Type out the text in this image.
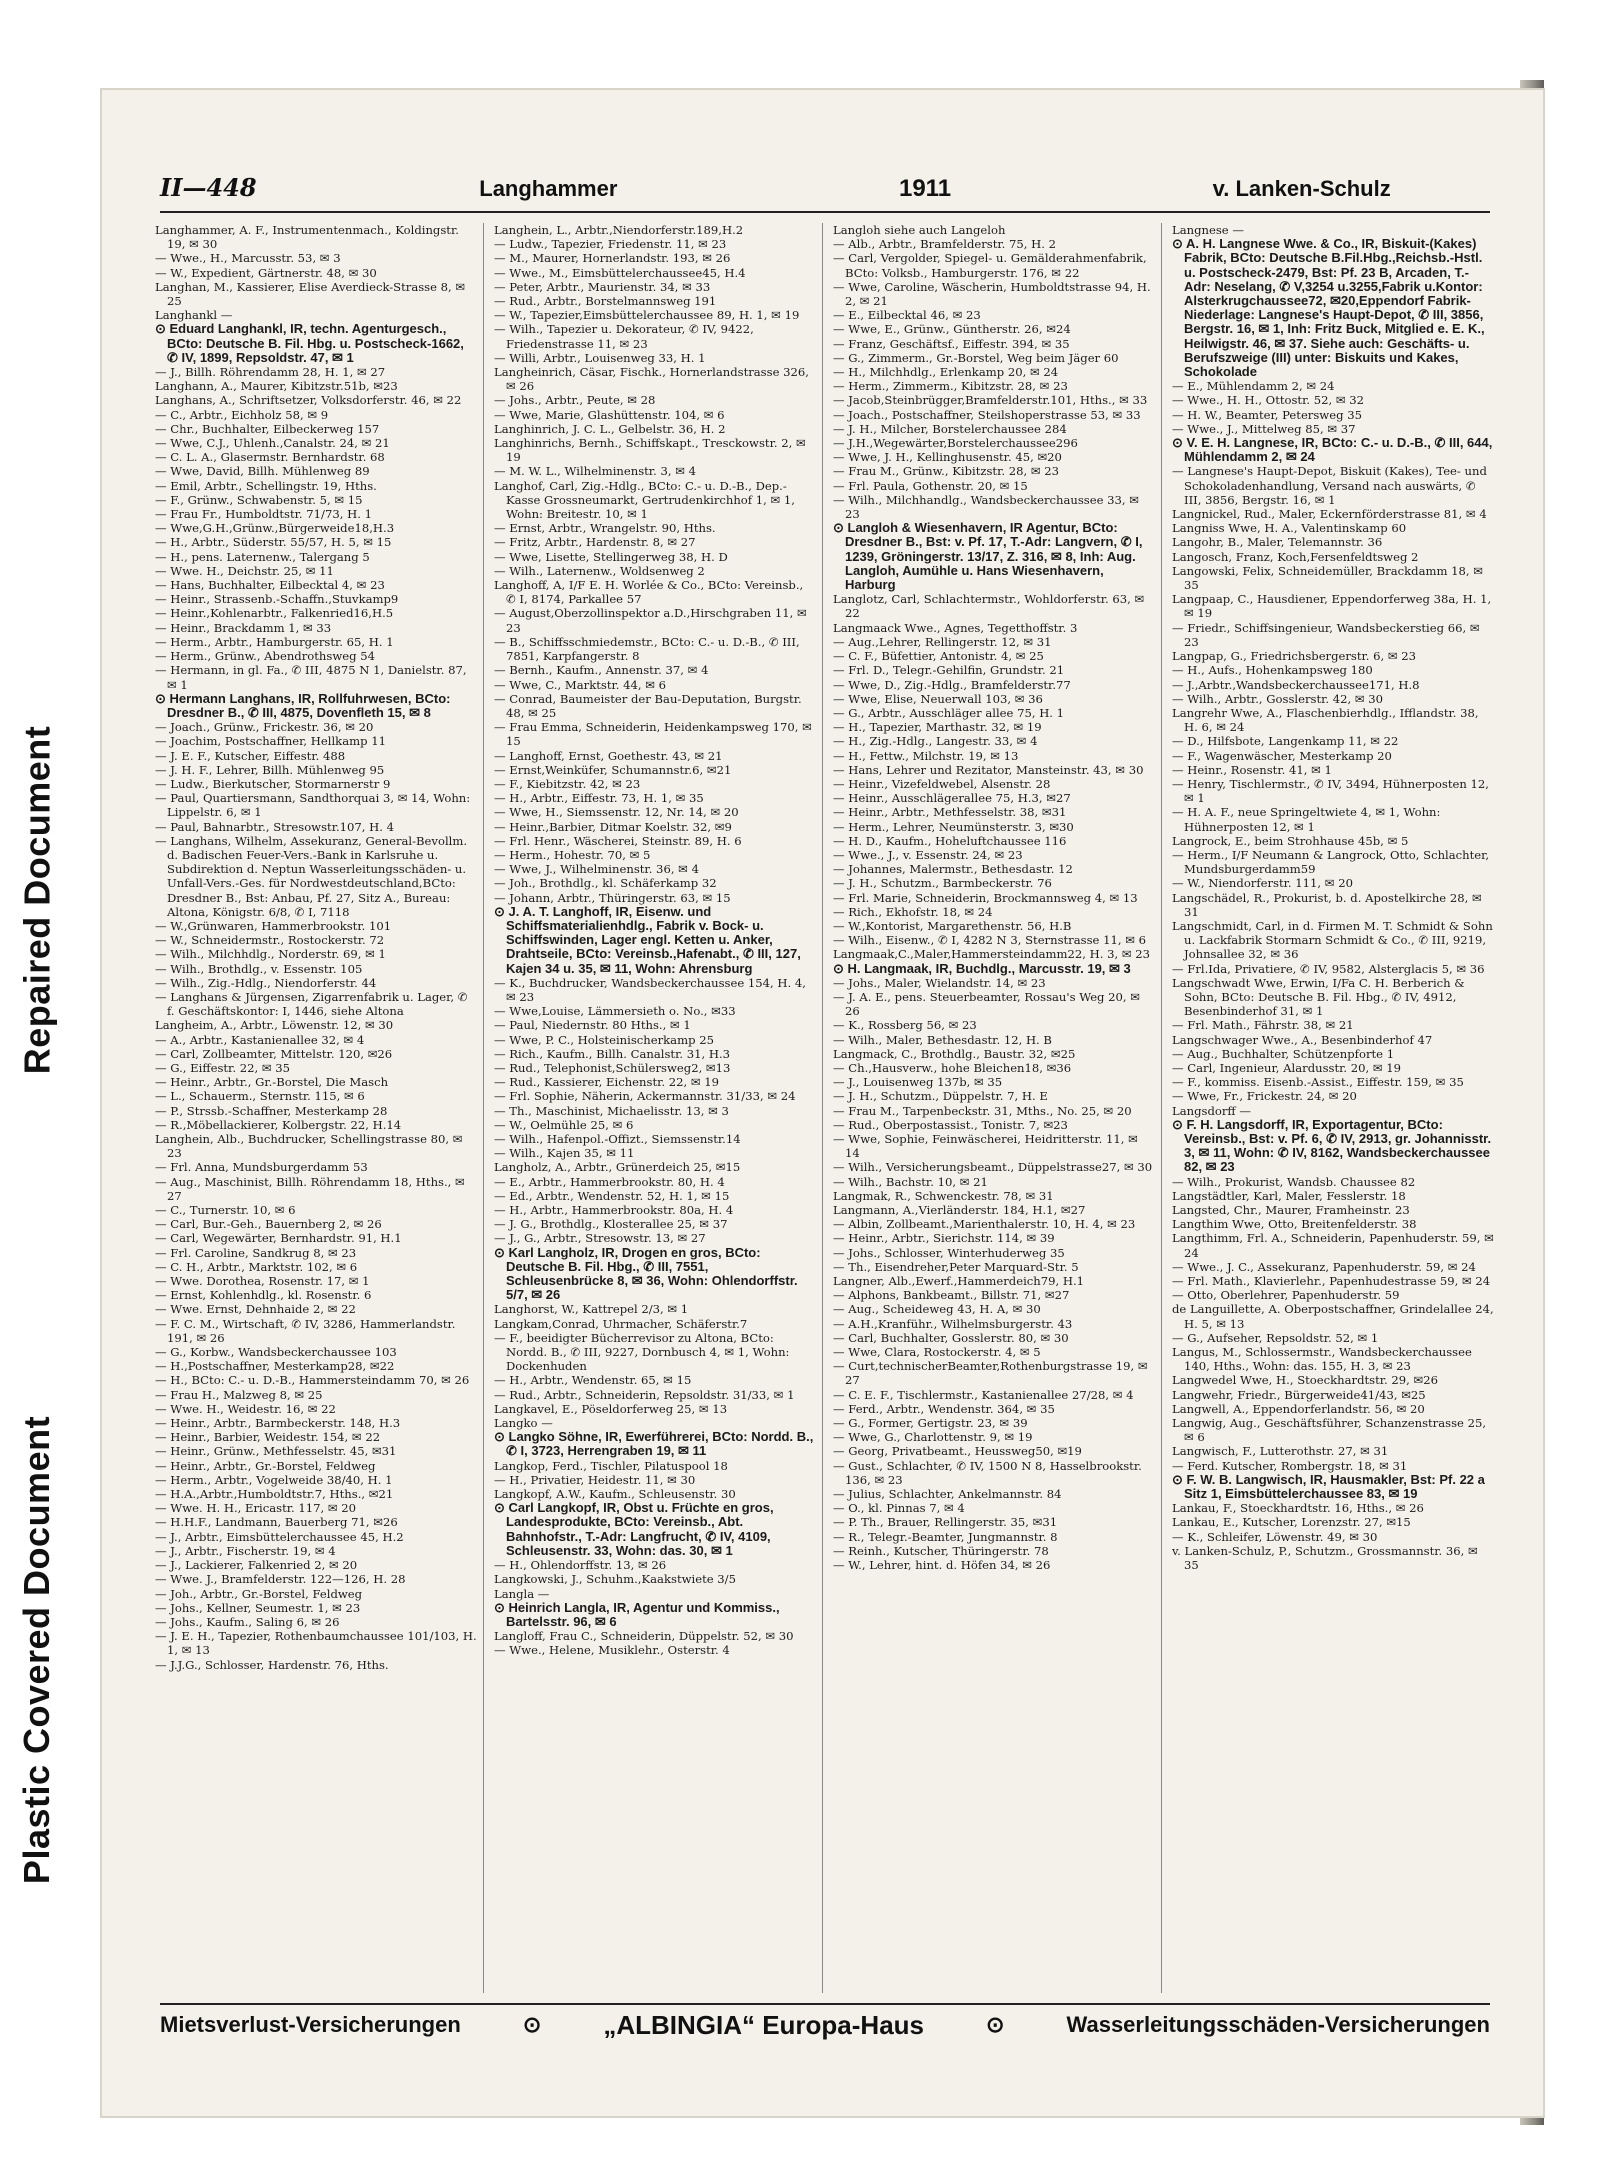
Repaired Document
Plastic Covered Document
II—448	Langhammer	1911	v. Lanken-Schulz

Langhammer, A. F., Instrumentenmach., Koldingstr. 19, ✉ 30

— Wwe., H., Marcusstr. 53, ✉ 3

— W., Expedient, Gärtnerstr. 48, ✉ 30

Langhan, M., Kassierer, Elise Averdieck-Strasse 8, ✉ 25

Langhankl —

⊙ Eduard Langhankl, IR, techn. Agenturgesch., BCto: Deutsche B. Fil. Hbg. u. Postscheck-1662, ✆ IV, 1899, Repsoldstr. 47, ✉ 1

— J., Billh. Röhrendamm 28, H. 1, ✉ 27

Langhann, A., Maurer, Kibitzstr.51b, ✉23

Langhans, A., Schriftsetzer, Volksdorferstr. 46, ✉ 22

— C., Arbtr., Eichholz 58, ✉ 9

— Chr., Buchhalter, Eilbeckerweg 157

— Wwe, C.J., Uhlenh.,Canalstr. 24, ✉ 21

— C. L. A., Glasermstr. Bernhardstr. 68

— Wwe, David, Billh. Mühlenweg 89

— Emil, Arbtr., Schellingstr. 19, Hths.

— F., Grünw., Schwabenstr. 5, ✉ 15

— Frau Fr., Humboldtstr. 71/73, H. 1

— Wwe,G.H.,Grünw.,Bürgerweide18,H.3

— H., Arbtr., Süderstr. 55/57, H. 5, ✉ 15

— H., pens. Laternenw., Talergang 5

— Wwe. H., Deichstr. 25, ✉ 11

— Hans, Buchhalter, Eilbecktal 4, ✉ 23

— Heinr., Strassenb.-Schaffn.,Stuvkamp9

— Heinr.,Kohlenarbtr., Falkenried16,H.5

— Heinr., Brackdamm 1, ✉ 33

— Herm., Arbtr., Hamburgerstr. 65, H. 1

— Herm., Grünw., Abendrothsweg 54

— Hermann, in gl. Fa., ✆ III, 4875 N 1, Danielstr. 87, ✉ 1

⊙ Hermann Langhans, IR, Rollfuhrwesen, BCto: Dresdner B., ✆ III, 4875, Dovenfleth 15, ✉ 8

— Joach., Grünw., Frickestr. 36, ✉ 20

— Joachim, Postschaffner, Hellkamp 11

— J. E. F., Kutscher, Eiffestr. 488

— J. H. F., Lehrer, Billh. Mühlenweg 95

— Ludw., Bierkutscher, Stormarnerstr 9

— Paul, Quartiersmann, Sandthorquai 3, ✉ 14, Wohn: Lippelstr. 6, ✉ 1

— Paul, Bahnarbtr., Stresowstr.107, H. 4

— Langhans, Wilhelm, Assekuranz, General-Bevollm. d. Badischen Feuer-Vers.-Bank in Karlsruhe u. Subdirektion d. Neptun Wasserleitungsschäden- u. Unfall-Vers.-Ges. für Nordwestdeutschland,BCto: Dresdner B., Bst: Anbau, Pf. 27, Sitz A., Bureau: Altona, Königstr. 6/8, ✆ I, 7118

— W.,Grünwaren, Hammerbrookstr. 101

— W., Schneidermstr., Rostockerstr. 72

— Wilh., Milchhdlg., Norderstr. 69, ✉ 1

— Wilh., Brothdlg., v. Essenstr. 105

— Wilh., Zig.-Hdlg., Niendorferstr. 44

— Langhans & Jürgensen, Zigarrenfabrik u. Lager, ✆ f. Geschäftskontor: I, 1446, siehe Altona

Langheim, A., Arbtr., Löwenstr. 12, ✉ 30

— A., Arbtr., Kastanienallee 32, ✉ 4

— Carl, Zollbeamter, Mittelstr. 120, ✉26

— G., Eiffestr. 22, ✉ 35

— Heinr., Arbtr., Gr.-Borstel, Die Masch

— L., Schauerm., Sternstr. 115, ✉ 6

— P., Strssb.-Schaffner, Mesterkamp 28

— R.,Möbellackierer, Kolbergstr. 22, H.14

Langhein, Alb., Buchdrucker, Schellingstrasse 80, ✉ 23

— Frl. Anna, Mundsburgerdamm 53

— Aug., Maschinist, Billh. Röhrendamm 18, Hths., ✉ 27

— C., Turnerstr. 10, ✉ 6

— Carl, Bur.-Geh., Bauernberg 2, ✉ 26

— Carl, Wegewärter, Bernhardstr. 91, H.1

— Frl. Caroline, Sandkrug 8, ✉ 23

— C. H., Arbtr., Marktstr. 102, ✉ 6

— Wwe. Dorothea, Rosenstr. 17, ✉ 1

— Ernst, Kohlenhdlg., kl. Rosenstr. 6

— Wwe. Ernst, Dehnhaide 2, ✉ 22

— F. C. M., Wirtschaft, ✆ IV, 3286, Hammerlandstr. 191, ✉ 26

— G., Korbw., Wandsbeckerchaussee 103

— H.,Postschaffner, Mesterkamp28, ✉22

— H., BCto: C.- u. D.-B., Hammersteindamm 70, ✉ 26

— Frau H., Malzweg 8, ✉ 25

— Wwe. H., Weidestr. 16, ✉ 22

— Heinr., Arbtr., Barmbeckerstr. 148, H.3

— Heinr., Barbier, Weidestr. 154, ✉ 22

— Heinr., Grünw., Methfesselstr. 45, ✉31

— Heinr., Arbtr., Gr.-Borstel, Feldweg

— Herm., Arbtr., Vogelweide 38/40, H. 1

— H.A.,Arbtr.,Humboldtstr.7, Hths., ✉21

— Wwe. H. H., Ericastr. 117, ✉ 20

— H.H.F., Landmann, Bauerberg 71, ✉26

— J., Arbtr., Eimsbüttelerchaussee 45, H.2

— J., Arbtr., Fischerstr. 19, ✉ 4

— J., Lackierer, Falkenried 2, ✉ 20

— Wwe. J., Bramfelderstr. 122—126, H. 28

— Joh., Arbtr., Gr.-Borstel, Feldweg

— Johs., Kellner, Seumestr. 1, ✉ 23

— Johs., Kaufm., Saling 6, ✉ 26

— J. E. H., Tapezier, Rothenbaumchaussee 101/103, H. 1, ✉ 13

— J.J.G., Schlosser, Hardenstr. 76, Hths.

Langhein, L., Arbtr.,Niendorferstr.189,H.2

— Ludw., Tapezier, Friedenstr. 11, ✉ 23

— M., Maurer, Hornerlandstr. 193, ✉ 26

— Wwe., M., Eimsbüttelerchaussee45, H.4

— Peter, Arbtr., Maurienstr. 34, ✉ 33

— Rud., Arbtr., Borstelmannsweg 191

— W., Tapezier,Eimsbüttelerchaussee 89, H. 1, ✉ 19

— Wilh., Tapezier u. Dekorateur, ✆ IV, 9422, Friedenstrasse 11, ✉ 23

— Willi, Arbtr., Louisenweg 33, H. 1

Langheinrich, Cäsar, Fischk., Hornerlandstrasse 326, ✉ 26

— Johs., Arbtr., Peute, ✉ 28

— Wwe, Marie, Glashüttenstr. 104, ✉ 6

Langhinrich, J. C. L., Gelbelstr. 36, H. 2

Langhinrichs, Bernh., Schiffskapt., Tresckowstr. 2, ✉ 19

— M. W. L., Wilhelminenstr. 3, ✉ 4

Langhof, Carl, Zig.-Hdlg., BCto: C.- u. D.-B., Dep.-Kasse Grossneumarkt, Gertrudenkirchhof 1, ✉ 1, Wohn: Breitestr. 10, ✉ 1

— Ernst, Arbtr., Wrangelstr. 90, Hths.

— Fritz, Arbtr., Hardenstr. 8, ✉ 27

— Wwe, Lisette, Stellingerweg 38, H. D

— Wilh., Laternenw., Woldsenweg 2

Langhoff, A, I/F E. H. Worlée & Co., BCto: Vereinsb., ✆ I, 8174, Parkallee 57

— August,Oberzollinspektor a.D.,Hirschgraben 11, ✉ 23

— B., Schiffsschmiedemstr., BCto: C.- u. D.-B., ✆ III, 7851, Karpfangerstr. 8

— Bernh., Kaufm., Annenstr. 37, ✉ 4

— Wwe, C., Marktstr. 44, ✉ 6

— Conrad, Baumeister der Bau-Deputation, Burgstr. 48, ✉ 25

— Frau Emma, Schneiderin, Heidenkampsweg 170, ✉ 15

— Langhoff, Ernst, Goethestr. 43, ✉ 21

— Ernst,Weinküfer, Schumannstr.6, ✉21

— F., Kiebitzstr. 42, ✉ 23

— H., Arbtr., Eiffestr. 73, H. 1, ✉ 35

— Wwe, H., Siemssenstr. 12, Nr. 14, ✉ 20

— Heinr.,Barbier, Ditmar Koelstr. 32, ✉9

— Frl. Henr., Wäscherei, Steinstr. 89, H. 6

— Herm., Hohestr. 70, ✉ 5

— Wwe, J., Wilhelminenstr. 36, ✉ 4

— Joh., Brothdlg., kl. Schäferkamp 32

— Johann, Arbtr., Thüringerstr. 63, ✉ 15

⊙ J. A. T. Langhoff, IR, Eisenw. und Schiffsmaterialienhdlg., Fabrik v. Bock- u. Schiffswinden, Lager engl. Ketten u. Anker, Drahtseile, BCto: Vereinsb.,Hafenabt., ✆ III, 127, Kajen 34 u. 35, ✉ 11, Wohn: Ahrensburg

— K., Buchdrucker, Wandsbeckerchaussee 154, H. 4, ✉ 23

— Wwe,Louise, Lämmersieth o. No., ✉33

— Paul, Niedernstr. 80 Hths., ✉ 1

— Wwe, P. C., Holsteinischerkamp 25

— Rich., Kaufm., Billh. Canalstr. 31, H.3

— Rud., Telephonist,Schülersweg2, ✉13

— Rud., Kassierer, Eichenstr. 22, ✉ 19

— Frl. Sophie, Näherin, Ackermannstr. 31/33, ✉ 24

— Th., Maschinist, Michaelisstr. 13, ✉ 3

— W., Oelmühle 25, ✉ 6

— Wilh., Hafenpol.-Offizt., Siemssenstr.14

— Wilh., Kajen 35, ✉ 11

Langholz, A., Arbtr., Grünerdeich 25, ✉15

— E., Arbtr., Hammerbrookstr. 80, H. 4

— Ed., Arbtr., Wendenstr. 52, H. 1, ✉ 15

— H., Arbtr., Hammerbrookstr. 80a, H. 4

— J. G., Brothdlg., Klosterallee 25, ✉ 37

— J., G., Arbtr., Stresowstr. 13, ✉ 27

⊙ Karl Langholz, IR, Drogen en gros, BCto: Deutsche B. Fil. Hbg., ✆ III, 7551, Schleusenbrücke 8, ✉ 36, Wohn: Ohlendorffstr. 5/7, ✉ 26

Langhorst, W., Kattrepel 2/3, ✉ 1

Langkam,Conrad, Uhrmacher, Schäferstr.7

— F., beeidigter Bücherrevisor zu Altona, BCto: Nordd. B., ✆ III, 9227, Dornbusch 4, ✉ 1, Wohn: Dockenhuden

— H., Arbtr., Wendenstr. 65, ✉ 15

— Rud., Arbtr., Schneiderin, Repsoldstr. 31/33, ✉ 1

Langkavel, E., Pöseldorferweg 25, ✉ 13

Langko —

⊙ Langko Söhne, IR, Ewerführerei, BCto: Nordd. B., ✆ I, 3723, Herrengraben 19, ✉ 11

Langkop, Ferd., Tischler, Pilatuspool 18

— H., Privatier, Heidestr. 11, ✉ 30

Langkopf, A.W., Kaufm., Schleusenstr. 30

⊙ Carl Langkopf, IR, Obst u. Früchte en gros, Landesprodukte, BCto: Vereinsb., Abt. Bahnhofstr., T.-Adr: Langfrucht, ✆ IV, 4109, Schleusenstr. 33, Wohn: das. 30, ✉ 1

— H., Ohlendorffstr. 13, ✉ 26

Langkowski, J., Schuhm.,Kaakstwiete 3/5

Langla —

⊙ Heinrich Langla, IR, Agentur und Kommiss., Bartelsstr. 96, ✉ 6

Langloff, Frau C., Schneiderin, Düppelstr. 52, ✉ 30

— Wwe., Helene, Musiklehr., Osterstr. 4

Langloh siehe auch Langeloh

— Alb., Arbtr., Bramfelderstr. 75, H. 2

— Carl, Vergolder, Spiegel- u. Gemälderahmenfabrik, BCto: Volksb., Hamburgerstr. 176, ✉ 22

— Wwe, Caroline, Wäscherin, Humboldtstrasse 94, H. 2, ✉ 21

— E., Eilbecktal 46, ✉ 23

— Wwe, E., Grünw., Güntherstr. 26, ✉24

— Franz, Geschäftsf., Eiffestr. 394, ✉ 35

— G., Zimmerm., Gr.-Borstel, Weg beim Jäger 60

— H., Milchhdlg., Erlenkamp 20, ✉ 24

— Herm., Zimmerm., Kibitzstr. 28, ✉ 23

— Jacob,Steinbrügger,Bramfelderstr.101, Hths., ✉ 33

— Joach., Postschaffner, Steilshoperstrasse 53, ✉ 33

— J. H., Milcher, Borstelerchaussee 284

— J.H.,Wegewärter,Borstelerchaussee296

— Wwe, J. H., Kellinghusenstr. 45, ✉20

— Frau M., Grünw., Kibitzstr. 28, ✉ 23

— Frl. Paula, Gothenstr. 20, ✉ 15

— Wilh., Milchhandlg., Wandsbeckerchaussee 33, ✉ 23

⊙ Langloh & Wiesenhavern, IR Agentur, BCto: Dresdner B., Bst: v. Pf. 17, T.-Adr: Langvern, ✆ I, 1239, Gröningerstr. 13/17, Z. 316, ✉ 8, Inh: Aug. Langloh, Aumühle u. Hans Wiesenhavern, Harburg

Langlotz, Carl, Schlachtermstr., Wohldorferstr. 63, ✉ 22

Langmaack Wwe., Agnes, Tegetthoffstr. 3

— Aug.,Lehrer, Rellingerstr. 12, ✉ 31

— C. F., Büfettier, Antonistr. 4, ✉ 25

— Frl. D., Telegr.-Gehilfin, Grundstr. 21

— Wwe, D., Zig.-Hdlg., Bramfelderstr.77

— Wwe, Elise, Neuerwall 103, ✉ 36

— G., Arbtr., Ausschläger allee 75, H. 1

— H., Tapezier, Marthastr. 32, ✉ 19

— H., Zig.-Hdlg., Langestr. 33, ✉ 4

— H., Fettw., Milchstr. 19, ✉ 13

— Hans, Lehrer und Rezitator, Mansteinstr. 43, ✉ 30

— Heinr., Vizefeldwebel, Alsenstr. 28

— Heinr., Ausschlägerallee 75, H.3, ✉27

— Heinr., Arbtr., Methfesselstr. 38, ✉31

— Herm., Lehrer, Neumünsterstr. 3, ✉30

— H. D., Kaufm., Hoheluftchaussee 116

— Wwe., J., v. Essenstr. 24, ✉ 23

— Johannes, Malermstr., Bethesdastr. 12

— J. H., Schutzm., Barmbeckerstr. 76

— Frl. Marie, Schneiderin, Brockmannsweg 4, ✉ 13

— Rich., Ekhofstr. 18, ✉ 24

— W.,Kontorist, Margarethenstr. 56, H.B

— Wilh., Eisenw., ✆ I, 4282 N 3, Sternstrasse 11, ✉ 6

Langmaak,C.,Maler,Hammersteindamm22, H. 3, ✉ 23

⊙ H. Langmaak, IR, Buchdlg., Marcusstr. 19, ✉ 3

— Johs., Maler, Wielandstr. 14, ✉ 23

— J. A. E., pens. Steuerbeamter, Rossau's Weg 20, ✉ 26

— K., Rossberg 56, ✉ 23

— Wilh., Maler, Bethesdastr. 12, H. B

Langmack, C., Brothdlg., Baustr. 32, ✉25

— Ch.,Hausverw., hohe Bleichen18, ✉36

— J., Louisenweg 137b, ✉ 35

— J. H., Schutzm., Düppelstr. 7, H. E

— Frau M., Tarpenbeckstr. 31, Mths., No. 25, ✉ 20

— Rud., Oberpostassist., Tonistr. 7, ✉23

— Wwe, Sophie, Feinwäscherei, Heidritterstr. 11, ✉ 14

— Wilh., Versicherungsbeamt., Düppelstrasse27, ✉ 30

— Wilh., Bachstr. 10, ✉ 21

Langmak, R., Schwenckestr. 78, ✉ 31

Langmann, A.,Vierländerstr. 184, H.1, ✉27

— Albin, Zollbeamt.,Marienthalerstr. 10, H. 4, ✉ 23

— Heinr., Arbtr., Sierichstr. 114, ✉ 39

— Johs., Schlosser, Winterhuderweg 35

— Th., Eisendreher,Peter Marquard-Str. 5

Langner, Alb.,Ewerf.,Hammerdeich79, H.1

— Alphons, Bankbeamt., Billstr. 71, ✉27

— Aug., Scheideweg 43, H. A, ✉ 30

— A.H.,Kranführ., Wilhelmsburgerstr. 43

— Carl, Buchhalter, Gosslerstr. 80, ✉ 30

— Wwe, Clara, Rostockerstr. 4, ✉ 5

— Curt,technischerBeamter,Rothenburgstrasse 19, ✉ 27

— C. E. F., Tischlermstr., Kastanienallee 27/28, ✉ 4

— Ferd., Arbtr., Wendenstr. 364, ✉ 35

— G., Former, Gertigstr. 23, ✉ 39

— Wwe, G., Charlottenstr. 9, ✉ 19

— Georg, Privatbeamt., Heussweg50, ✉19

— Gust., Schlachter, ✆ IV, 1500 N 8, Hasselbrookstr. 136, ✉ 23

— Julius, Schlachter, Ankelmannstr. 84

— O., kl. Pinnas 7, ✉ 4

— P. Th., Brauer, Rellingerstr. 35, ✉31

— R., Telegr.-Beamter, Jungmannstr. 8

— Reinh., Kutscher, Thüringerstr. 78

— W., Lehrer, hint. d. Höfen 34, ✉ 26

Langnese —

⊙ A. H. Langnese Wwe. & Co., IR, Biskuit-(Kakes) Fabrik, BCto: Deutsche B.Fil.Hbg.,Reichsb.-Hstl. u. Postscheck-2479, Bst: Pf. 23 B, Arcaden, T.-Adr: Neselang, ✆ V,3254 u.3255,Fabrik u.Kontor: Alsterkrugchaussee72, ✉20,Eppendorf Fabrik-Niederlage: Langnese's Haupt-Depot, ✆ III, 3856, Bergstr. 16, ✉ 1, Inh: Fritz Buck, Mitglied e. E. K., Heilwigstr. 46, ✉ 37. Siehe auch: Geschäfts- u. Berufszweige (III) unter: Biskuits und Kakes, Schokolade

— E., Mühlendamm 2, ✉ 24

— Wwe., H. H., Ottostr. 52, ✉ 32

— H. W., Beamter, Petersweg 35

— Wwe., J., Mittelweg 85, ✉ 37

⊙ V. E. H. Langnese, IR, BCto: C.- u. D.-B., ✆ III, 644, Mühlendamm 2, ✉ 24

— Langnese's Haupt-Depot, Biskuit (Kakes), Tee- und Schokoladenhandlung, Versand nach auswärts, ✆ III, 3856, Bergstr. 16, ✉ 1

Langnickel, Rud., Maler, Eckernförderstrasse 81, ✉ 4

Langniss Wwe, H. A., Valentinskamp 60

Langohr, B., Maler, Telemannstr. 36

Langosch, Franz, Koch,Fersenfeldtsweg 2

Langowski, Felix, Schneidemüller, Brackdamm 18, ✉ 35

Langpaap, C., Hausdiener, Eppendorferweg 38a, H. 1, ✉ 19

— Friedr., Schiffsingenieur, Wandsbeckerstieg 66, ✉ 23

Langpap, G., Friedrichsbergerstr. 6, ✉ 23

— H., Aufs., Hohenkampsweg 180

— J.,Arbtr.,Wandsbeckerchaussee171, H.8

— Wilh., Arbtr., Gosslerstr. 42, ✉ 30

Langrehr Wwe, A., Flaschenbierhdlg., Ifflandstr. 38, H. 6, ✉ 24

— D., Hilfsbote, Langenkamp 11, ✉ 22

— F., Wagenwäscher, Mesterkamp 20

— Heinr., Rosenstr. 41, ✉ 1

— Henry, Tischlermstr., ✆ IV, 3494, Hühnerposten 12, ✉ 1

— H. A. F., neue Springeltwiete 4, ✉ 1, Wohn: Hühnerposten 12, ✉ 1

Langrock, E., beim Strohhause 45b, ✉ 5

— Herm., I/F Neumann & Langrock, Otto, Schlachter, Mundsburgerdamm59

— W., Niendorferstr. 111, ✉ 20

Langschädel, R., Prokurist, b. d. Apostelkirche 28, ✉ 31

Langschmidt, Carl, in d. Firmen M. T. Schmidt & Sohn u. Lackfabrik Stormarn Schmidt & Co., ✆ III, 9219, Johnsallee 32, ✉ 36

— Frl.Ida, Privatiere, ✆ IV, 9582, Alsterglacis 5, ✉ 36

Langschwadt Wwe, Erwin, I/Fa C. H. Berberich & Sohn, BCto: Deutsche B. Fil. Hbg., ✆ IV, 4912, Besenbinderhof 31, ✉ 1

— Frl. Math., Fährstr. 38, ✉ 21

Langschwager Wwe., A., Besenbinderhof 47

— Aug., Buchhalter, Schützenpforte 1

— Carl, Ingenieur, Alardusstr. 20, ✉ 19

— F., kommiss. Eisenb.-Assist., Eiffestr. 159, ✉ 35

— Wwe, Fr., Frickestr. 24, ✉ 20

Langsdorff —

⊙ F. H. Langsdorff, IR, Exportagentur, BCto: Vereinsb., Bst: v. Pf. 6, ✆ IV, 2913, gr. Johannisstr. 3, ✉ 11, Wohn: ✆ IV, 8162, Wandsbeckerchaussee 82, ✉ 23

— Wilh., Prokurist, Wandsb. Chaussee 82

Langstädtler, Karl, Maler, Fesslerstr. 18

Langsted, Chr., Maurer, Framheinstr. 23

Langthim Wwe, Otto, Breitenfelderstr. 38

Langthimm, Frl. A., Schneiderin, Papenhuderstr. 59, ✉ 24

— Wwe., J. C., Assekuranz, Papenhuderstr. 59, ✉ 24

— Frl. Math., Klavierlehr., Papenhudestrasse 59, ✉ 24

— Otto, Oberlehrer, Papenhuderstr. 59

de Languillette, A. Oberpostschaffner, Grindelallee 24, H. 5, ✉ 13

— G., Aufseher, Repsoldstr. 52, ✉ 1

Langus, M., Schlossermstr., Wandsbeckerchaussee 140, Hths., Wohn: das. 155, H. 3, ✉ 23

Langwedel Wwe, H., Stoeckhardtstr. 29, ✉26

Langwehr, Friedr., Bürgerweide41/43, ✉25

Langwell, A., Eppendorferlandstr. 56, ✉ 20

Langwig, Aug., Geschäftsführer, Schanzenstrasse 25, ✉ 6

Langwisch, F., Lutterothstr. 27, ✉ 31

— Ferd. Kutscher, Rombergstr. 18, ✉ 31

⊙ F. W. B. Langwisch, IR, Hausmakler, Bst: Pf. 22 a Sitz 1, Eimsbüttelerchaussee 83, ✉ 19

Lankau, F., Stoeckhardtstr. 16, Hths., ✉ 26

Lankau, E., Kutscher, Lorenzstr. 27, ✉15

— K., Schleifer, Löwenstr. 49, ✉ 30

v. Lanken-Schulz, P., Schutzm., Grossmannstr. 36, ✉ 35

Mietsverlust-Versicherungen	⊙ „ALBINGIA“ Europa-Haus	⊙	Wasserleitungsschäden-Versicherungen
